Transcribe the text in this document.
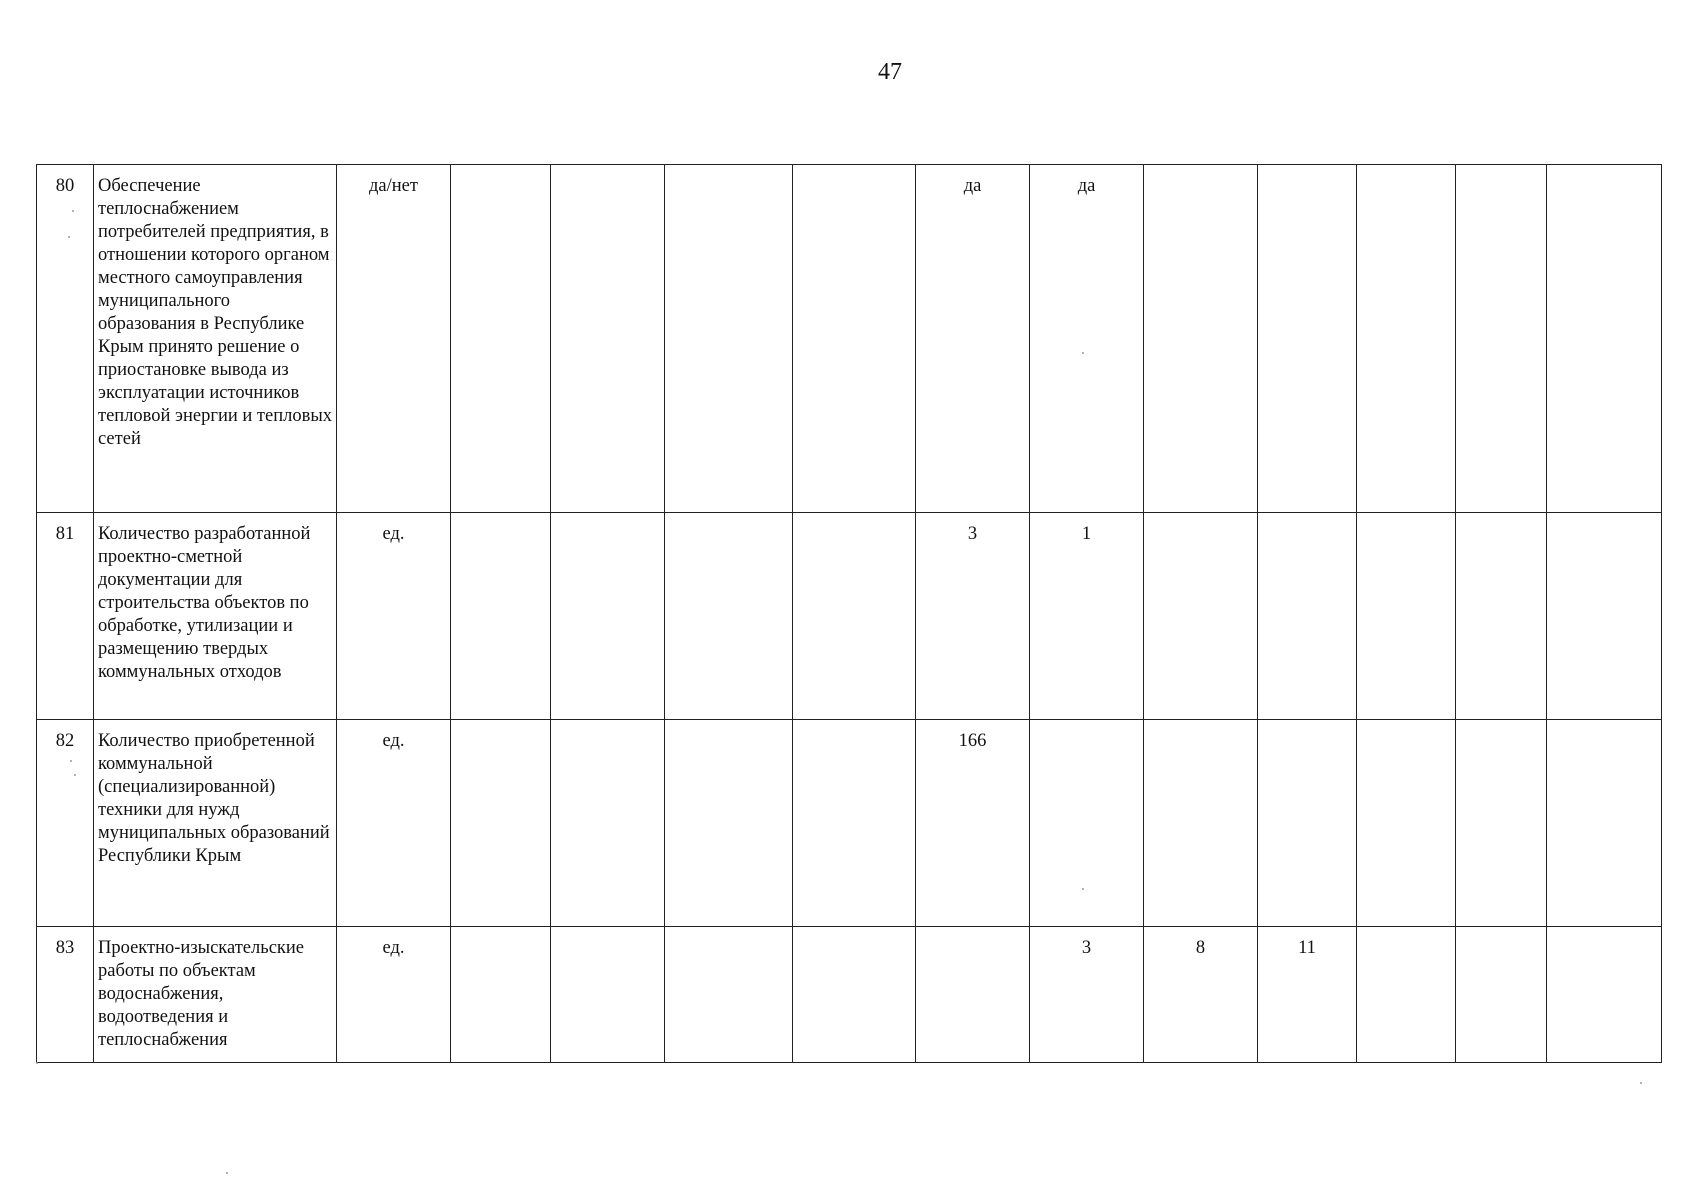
47
80	Обеспечение теплоснабжением потребителей предприятия, в отношении которого органом местного самоуправления муниципального образования в Республике Крым принято решение о приостановке вывода из эксплуатации источников тепловой энергии и тепловых сетей	да/нет					да	да					
81	Количество разработанной проектно-сметной документации для строительства объектов по обработке, утилизации и размещению твердых коммунальных отходов	ед.					3	1					
82	Количество приобретенной коммунальной (специализированной) техники для нужд муниципальных образований Республики Крым	ед.					166						
83	Проектно-изыскательские работы по объектам водоснабжения, водоотведения и теплоснабжения	ед.						3	8	11			
